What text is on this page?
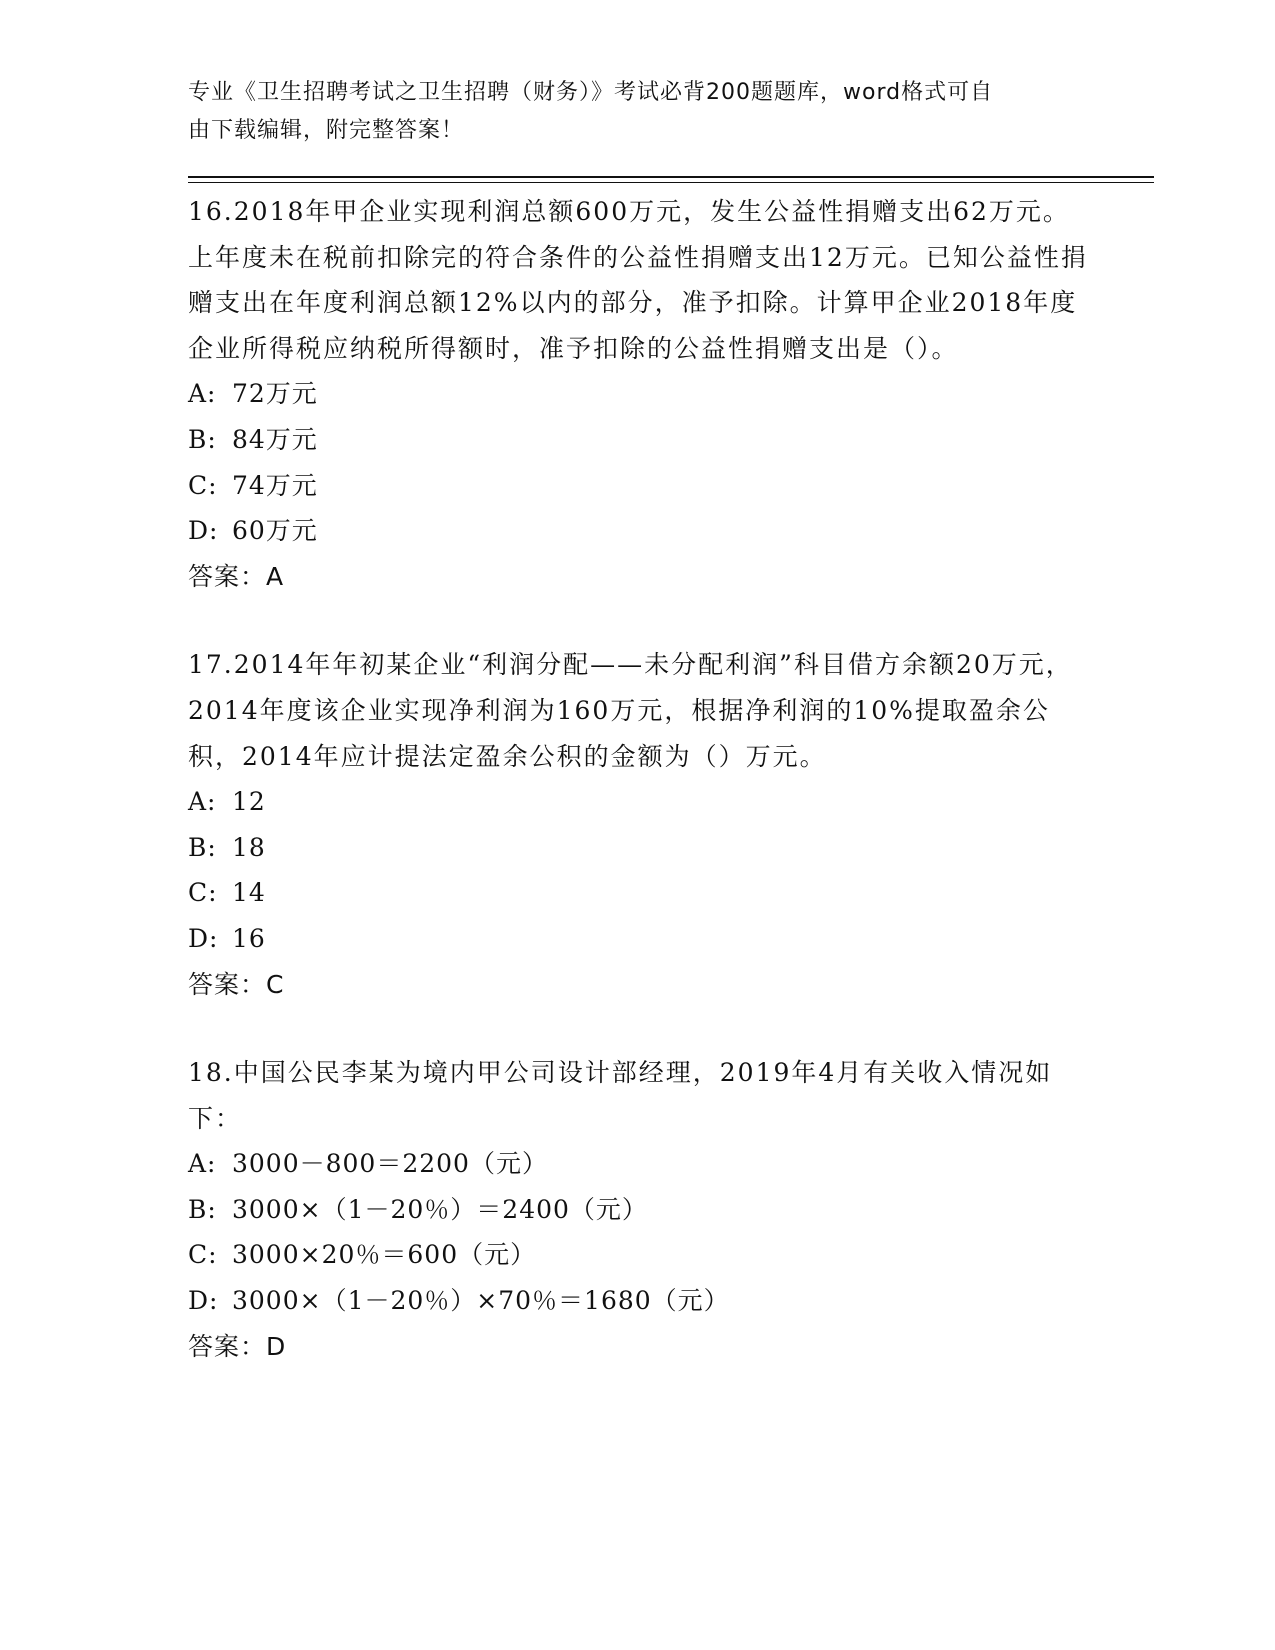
专业《卫生招聘考试之卫生招聘（财务）》考试必背200题题库，word格式可自
由下载编辑，附完整答案！

16.2018年甲企业实现利润总额600万元，发生公益性捐赠支出62万元。上年度未在税前扣除完的符合条件的公益性捐赠支出12万元。已知公益性捐赠支出在年度利润总额12%以内的部分，准予扣除。计算甲企业2018年度企业所得税应纳税所得额时，准予扣除的公益性捐赠支出是（）。

A: 72万元
B: 84万元
C: 74万元
D: 60万元

答案：A

17.2014年年初某企业“利润分配——未分配利润”科目借方余额20万元，2014年度该企业实现净利润为160万元，根据净利润的10%提取盈余公积，2014年应计提法定盈余公积的金额为（）万元。

A: 12
B: 18
C: 14
D: 16

答案：C

18.中国公民李某为境内甲公司设计部经理，2019年4月有关收入情况如下：

A: 3000－800＝2200（元）
B: 3000×（1－20％）＝2400（元）
C: 3000×20％＝600（元）
D: 3000×（1－20％）×70％＝1680（元）

答案：D
